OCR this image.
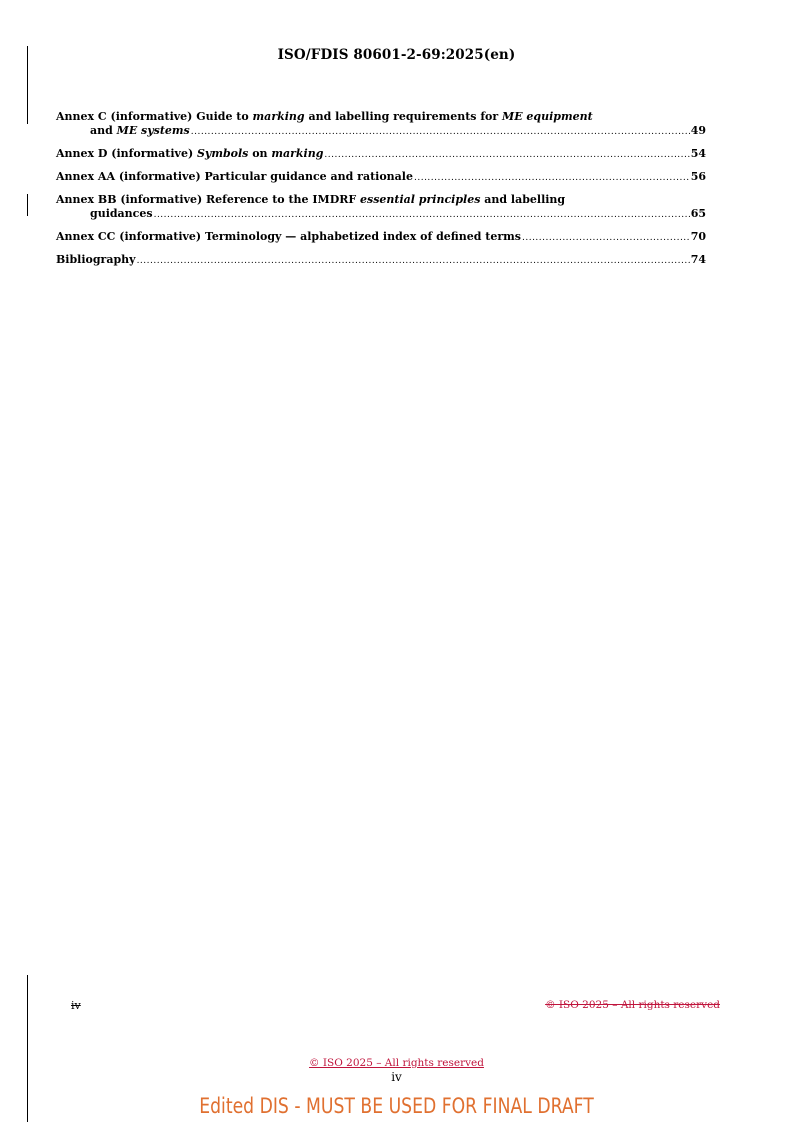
ISO/FDIS 80601-2-69:2025(en)
Annex C (informative) Guide to marking and labelling requirements for ME equipment
and ME systems .....	49
Annex D (informative) Symbols on marking .....	54
Annex AA (informative) Particular guidance and rationale .....	56
Annex BB (informative) Reference to the IMDRF essential principles and labelling
guidances .....	65
Annex CC (informative) Terminology — alphabetized index of defined terms .....	70
Bibliography .....	74
iv	© ISO 2025 – All rights reserved
© ISO 2025 – All rights reserved
iv
Edited DIS - MUST BE USED FOR FINAL DRAFT
